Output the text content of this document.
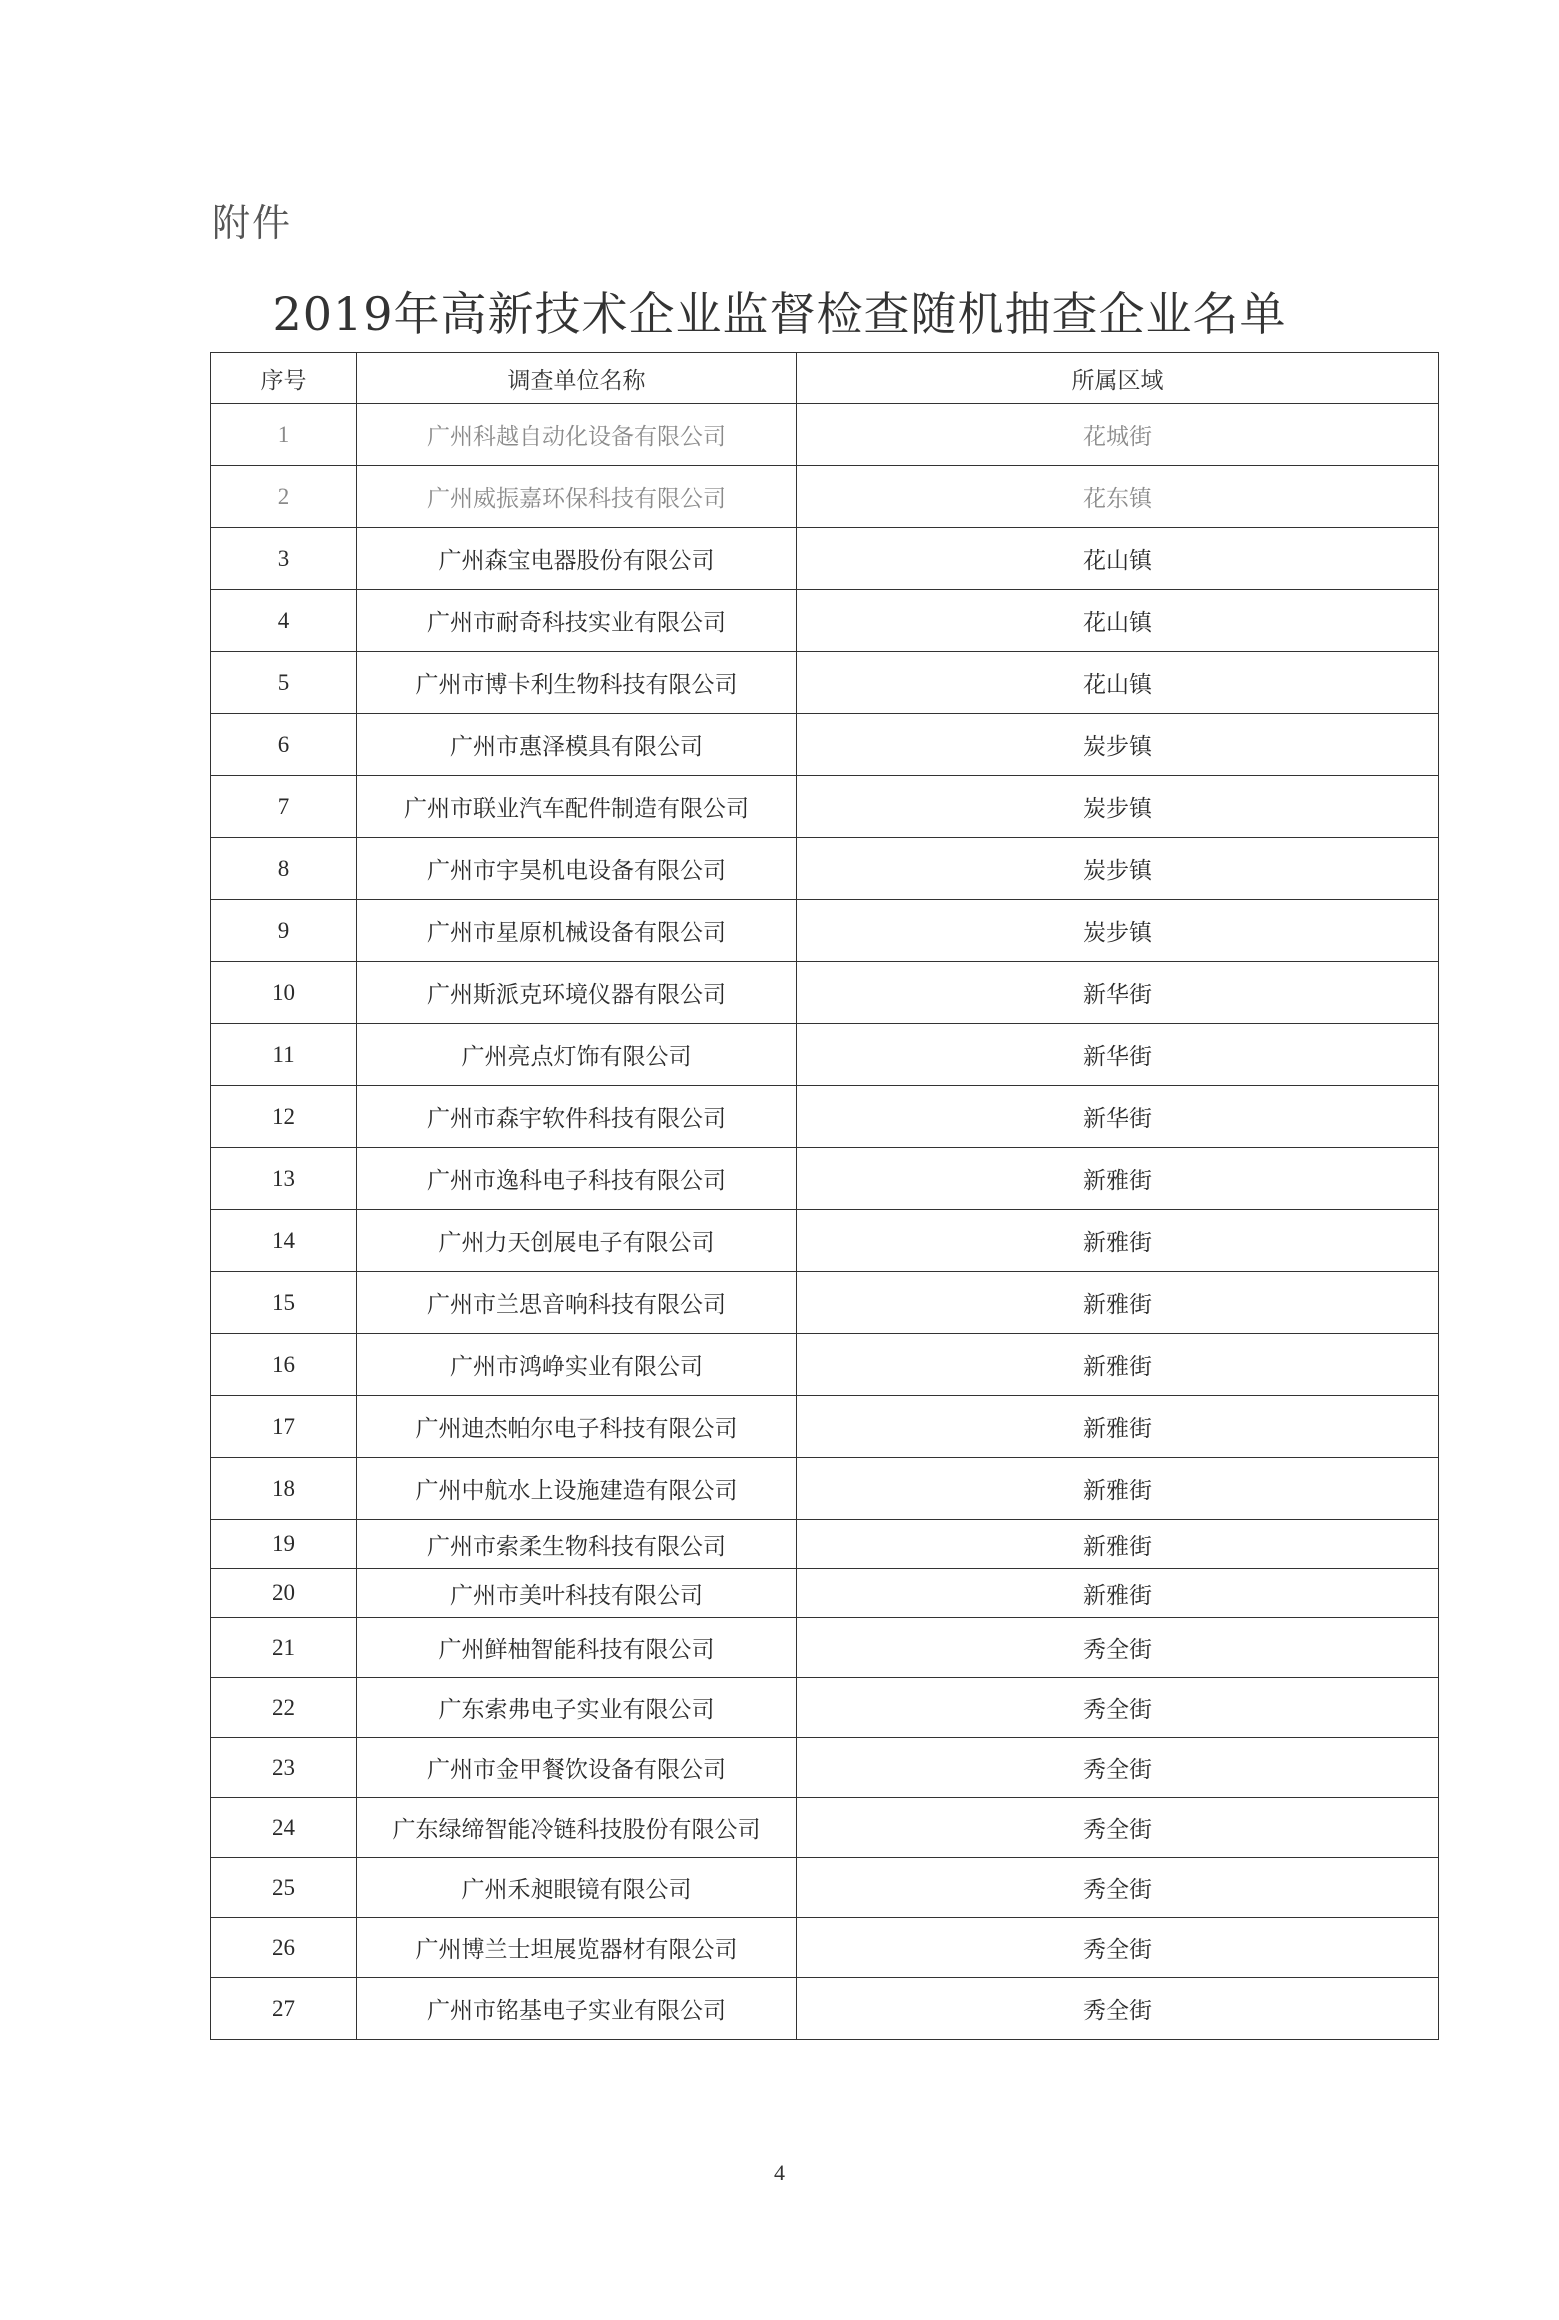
附件
2019年高新技术企业监督检查随机抽查企业名单
序号	调查单位名称	所属区域
1	广州科越自动化设备有限公司	花城街
2	广州威振嘉环保科技有限公司	花东镇
3	广州森宝电器股份有限公司	花山镇
4	广州市耐奇科技实业有限公司	花山镇
5	广州市博卡利生物科技有限公司	花山镇
6	广州市惠泽模具有限公司	炭步镇
7	广州市联业汽车配件制造有限公司	炭步镇
8	广州市宇昊机电设备有限公司	炭步镇
9	广州市星原机械设备有限公司	炭步镇
10	广州斯派克环境仪器有限公司	新华街
11	广州亮点灯饰有限公司	新华街
12	广州市森宇软件科技有限公司	新华街
13	广州市逸科电子科技有限公司	新雅街
14	广州力天创展电子有限公司	新雅街
15	广州市兰思音响科技有限公司	新雅街
16	广州市鸿峥实业有限公司	新雅街
17	广州迪杰帕尔电子科技有限公司	新雅街
18	广州中航水上设施建造有限公司	新雅街
19	广州市索柔生物科技有限公司	新雅街
20	广州市美叶科技有限公司	新雅街
21	广州鲜柚智能科技有限公司	秀全街
22	广东索弗电子实业有限公司	秀全街
23	广州市金甲餐饮设备有限公司	秀全街
24	广东绿缔智能冷链科技股份有限公司	秀全街
25	广州禾昶眼镜有限公司	秀全街
26	广州博兰士坦展览器材有限公司	秀全街
27	广州市铭基电子实业有限公司	秀全街
4
